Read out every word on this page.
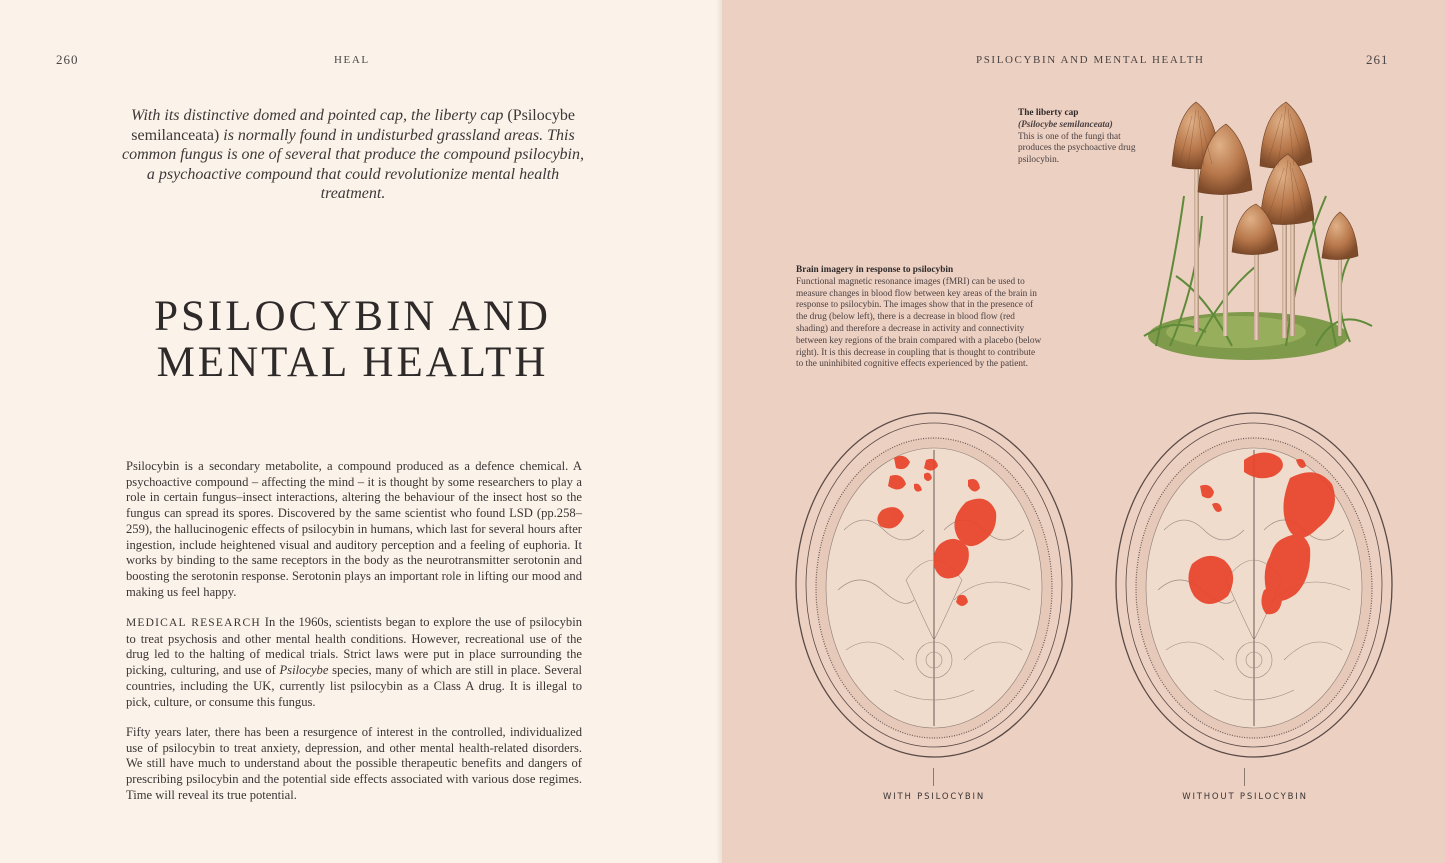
260	HEAL
With its distinctive domed and pointed cap, the liberty cap (Psilocybe semilanceata) is normally found in undisturbed grassland areas. This common fungus is one of several that produce the compound psilocybin, a psychoactive compound that could revolutionize mental health treatment.
PSILOCYBIN AND
MENTAL HEALTH

Psilocybin is a secondary metabolite, a compound produced as a defence chemical. A psychoactive compound – affecting the mind – it is thought by some researchers to play a role in certain fungus–insect interactions, altering the behaviour of the insect host so the fungus can spread its spores. Discovered by the same scientist who found LSD (pp.258–259), the hallucinogenic effects of psilocybin in humans, which last for several hours after ingestion, include heightened visual and auditory perception and a feeling of euphoria. It works by binding to the same receptors in the body as the neurotransmitter serotonin and boosting the serotonin response. Serotonin plays an important role in lifting our mood and making us feel happy.

MEDICAL RESEARCH In the 1960s, scientists began to explore the use of psilocybin to treat psychosis and other mental health conditions. However, recreational use of the drug led to the halting of medical trials. Strict laws were put in place surrounding the picking, culturing, and use of Psilocybe species, many of which are still in place. Several countries, including the UK, currently list psilocybin as a Class A drug. It is illegal to pick, culture, or consume this fungus.

Fifty years later, there has been a resurgence of interest in the controlled, individualized use of psilocybin to treat anxiety, depression, and other mental health-related disorders. We still have much to understand about the possible therapeutic benefits and dangers of prescribing psilocybin and the potential side effects associated with various dose regimes. Time will reveal its true potential.

PSILOCYBIN AND MENTAL HEALTH	261
The liberty cap
(Psilocybe semilanceata)
This is one of the fungi that produces the psychoactive drug psilocybin.
Brain imagery in response to psilocybin
Functional magnetic resonance images (fMRI) can be used to measure changes in blood flow between key areas of the brain in response to psilocybin. The images show that in the presence of the drug (below left), there is a decrease in blood flow (red shading) and therefore a decrease in activity and connectivity between key regions of the brain compared with a placebo (below right). It is this decrease in coupling that is thought to contribute to the uninhibited cognitive effects experienced by the patient.
WITH PSILOCYBIN	WITHOUT PSILOCYBIN
